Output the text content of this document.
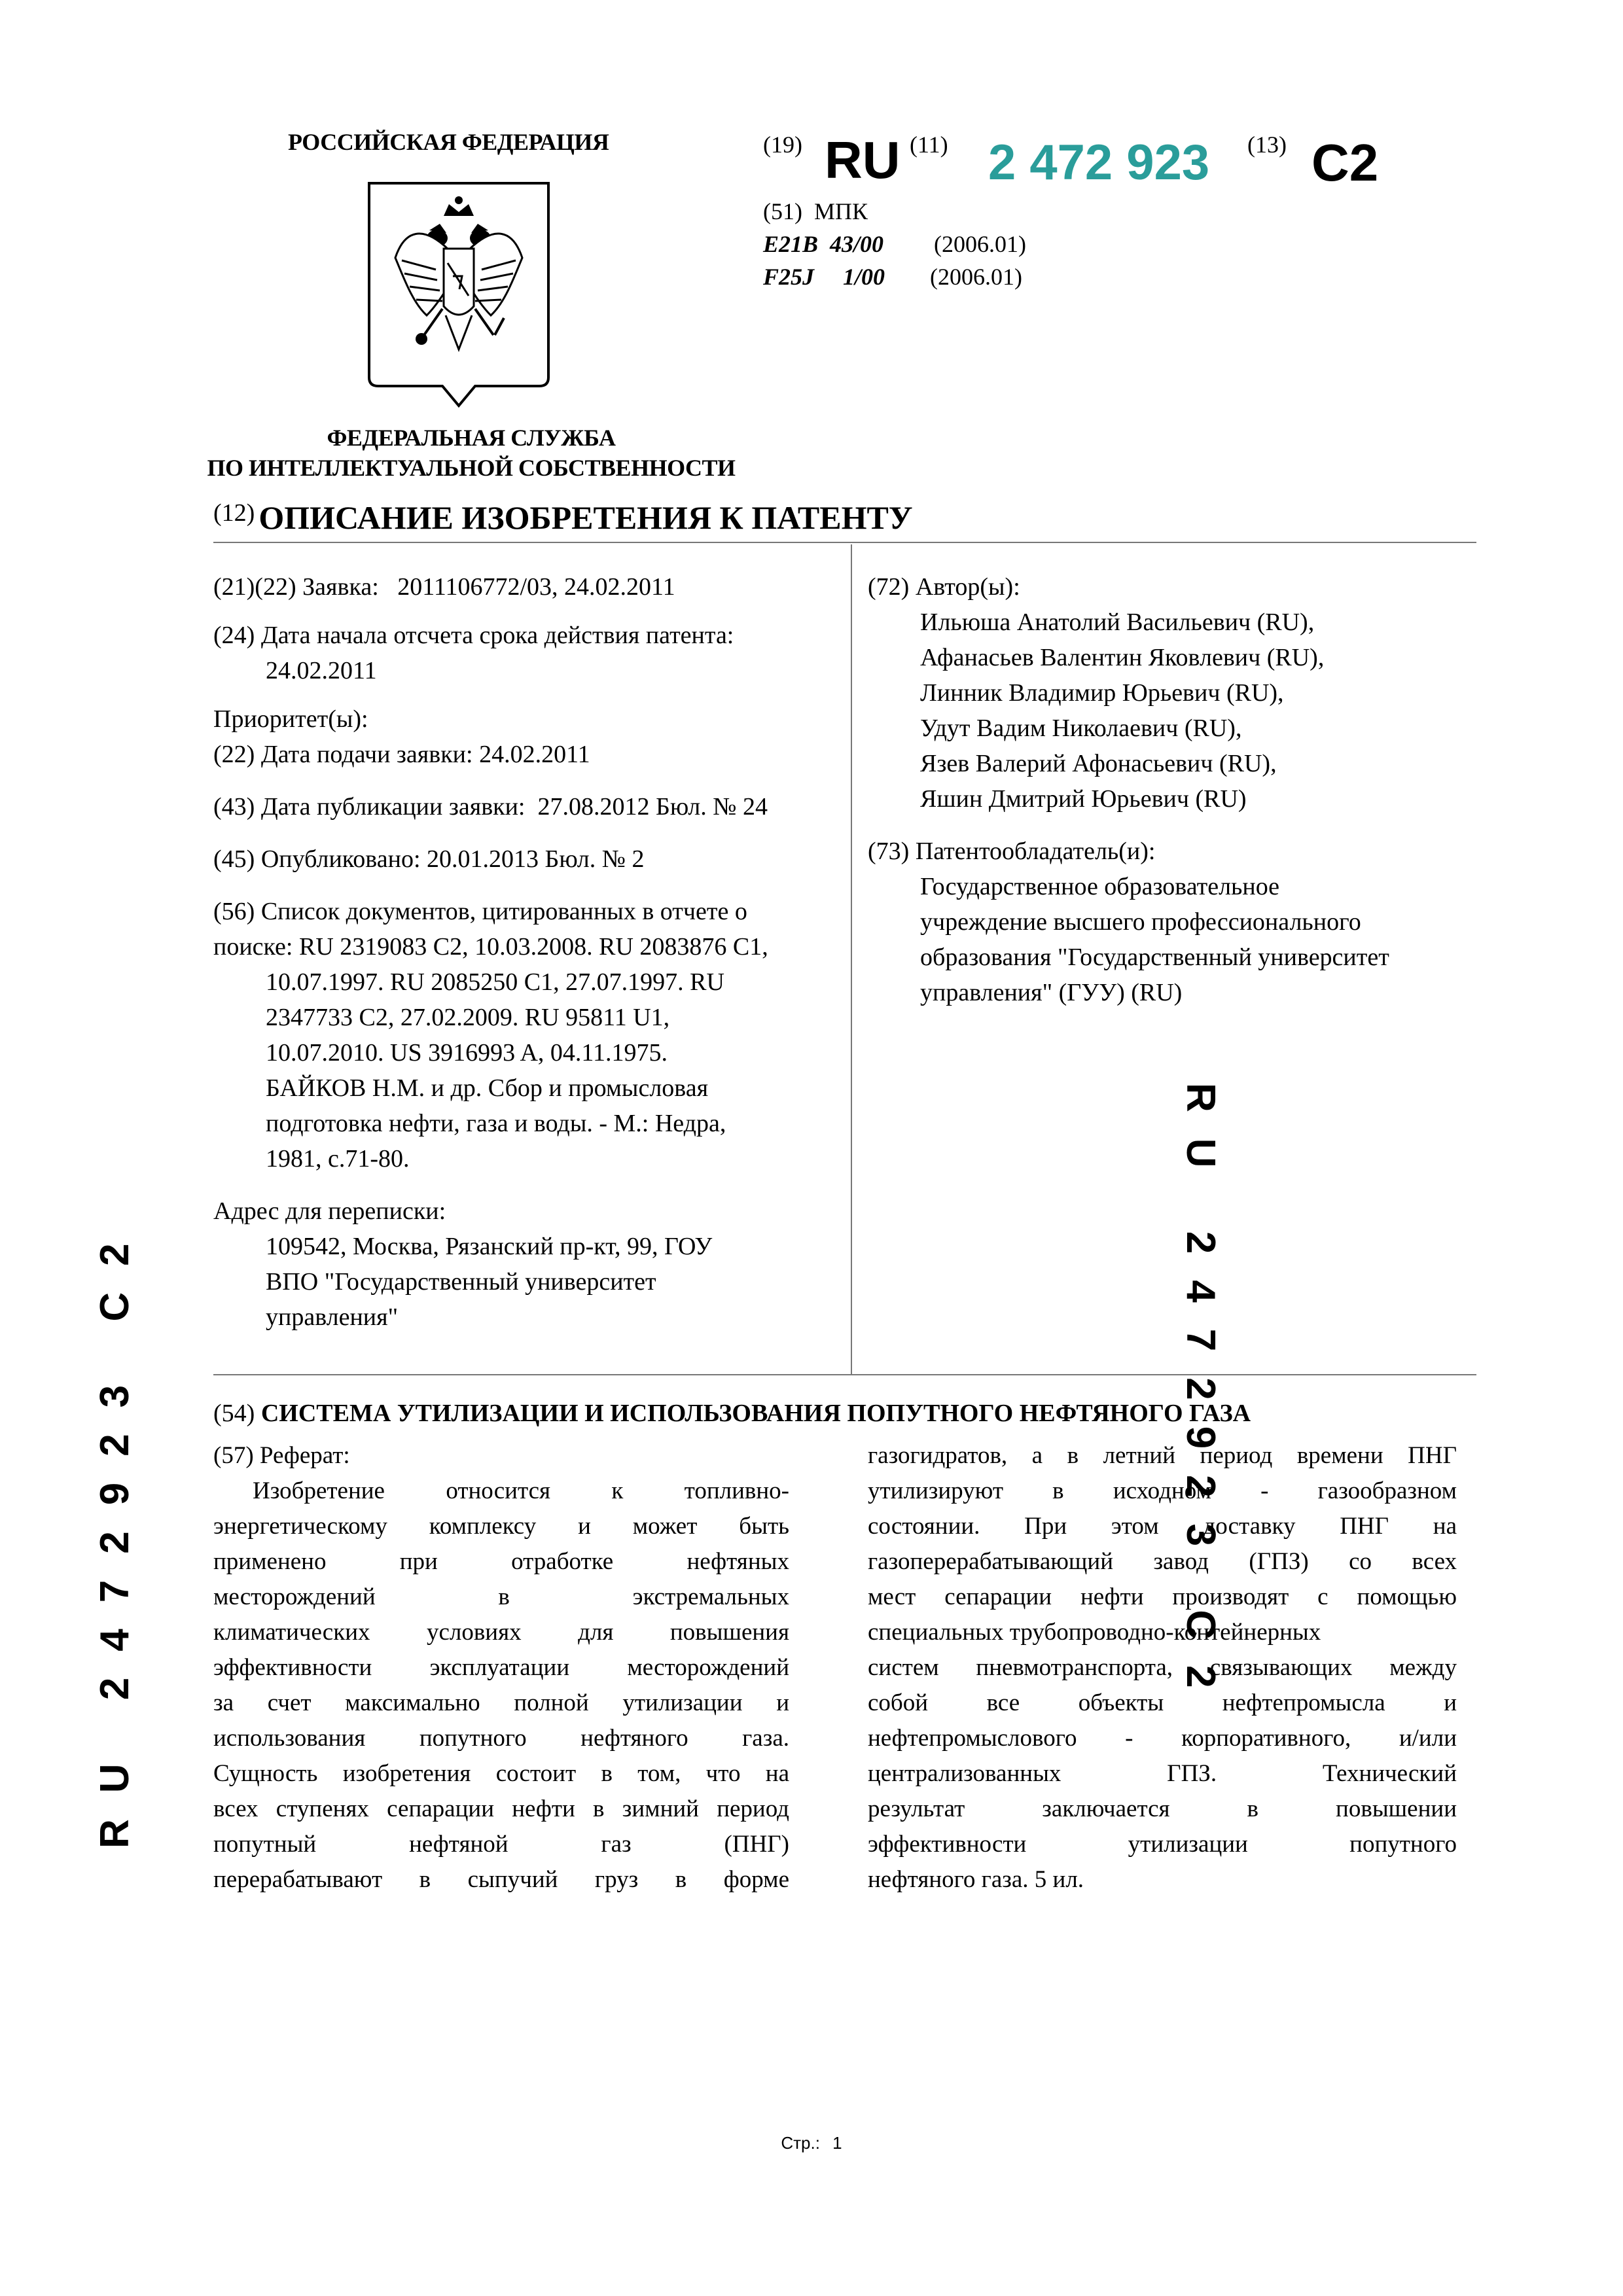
РОССИЙСКАЯ ФЕДЕРАЦИЯ
ФЕДЕРАЛЬНАЯ СЛУЖБА
ПО ИНТЕЛЛЕКТУАЛЬНОЙ СОБСТВЕННОСТИ
(19) RU (11) 2 472 923 (13) C2
(51) МПК
E21B 43/00 (2006.01)
F25J 1/00 (2006.01)
(12) ОПИСАНИЕ ИЗОБРЕТЕНИЯ К ПАТЕНТУ
(21)(22) Заявка: 2011106772/03, 24.02.2011
(24) Дата начала отсчета срока действия патента:
24.02.2011
Приоритет(ы):
(22) Дата подачи заявки: 24.02.2011
(43) Дата публикации заявки: 27.08.2012 Бюл. № 24
(45) Опубликовано: 20.01.2013 Бюл. № 2
(56) Список документов, цитированных в отчете о
поиске: RU 2319083 C2, 10.03.2008. RU 2083876 C1,
10.07.1997. RU 2085250 C1, 27.07.1997. RU
2347733 C2, 27.02.2009. RU 95811 U1,
10.07.2010. US 3916993 A, 04.11.1975.
БАЙКОВ Н.М. и др. Сбор и промысловая
подготовка нефти, газа и воды. - М.: Недра,
1981, с.71-80.
Адрес для переписки:
109542, Москва, Рязанский пр-кт, 99, ГОУ
ВПО "Государственный университет
управления"
(72) Автор(ы):
Ильюша Анатолий Васильевич (RU),
Афанасьев Валентин Яковлевич (RU),
Линник Владимир Юрьевич (RU),
Удут Вадим Николаевич (RU),
Язев Валерий Афонасьевич (RU),
Яшин Дмитрий Юрьевич (RU)
(73) Патентообладатель(и):
Государственное образовательное
учреждение высшего профессионального
образования "Государственный университет
управления" (ГУУ) (RU)
(54) СИСТЕМА УТИЛИЗАЦИИ И ИСПОЛЬЗОВАНИЯ ПОПУТНОГО НЕФТЯНОГО ГАЗА
(57) Реферат:
Изобретение относится к топливно-
энергетическому комплексу и может быть
применено при отработке нефтяных
месторождений в экстремальных
климатических условиях для повышения
эффективности эксплуатации месторождений
за счет максимально полной утилизации и
использования попутного нефтяного газа.
Сущность изобретения состоит в том, что на
всех ступенях сепарации нефти в зимний период
попутный нефтяной газ (ПНГ)
перерабатывают в сыпучий груз в форме
газогидратов, а в летний период времени ПНГ
утилизируют в исходном - газообразном
состоянии. При этом доставку ПНГ на
газоперерабатывающий завод (ГПЗ) со всех
мест сепарации нефти производят с помощью
специальных трубопроводно-контейнерных
систем пневмотранспорта, связывающих между
собой все объекты нефтепромысла и
нефтепромыслового - корпоративного, и/или
централизованных ГПЗ. Технический
результат заключается в повышении
эффективности утилизации попутного
нефтяного газа. 5 ил.
RU 2472923 C2
RU 2472923 C2
Стр.: 1
